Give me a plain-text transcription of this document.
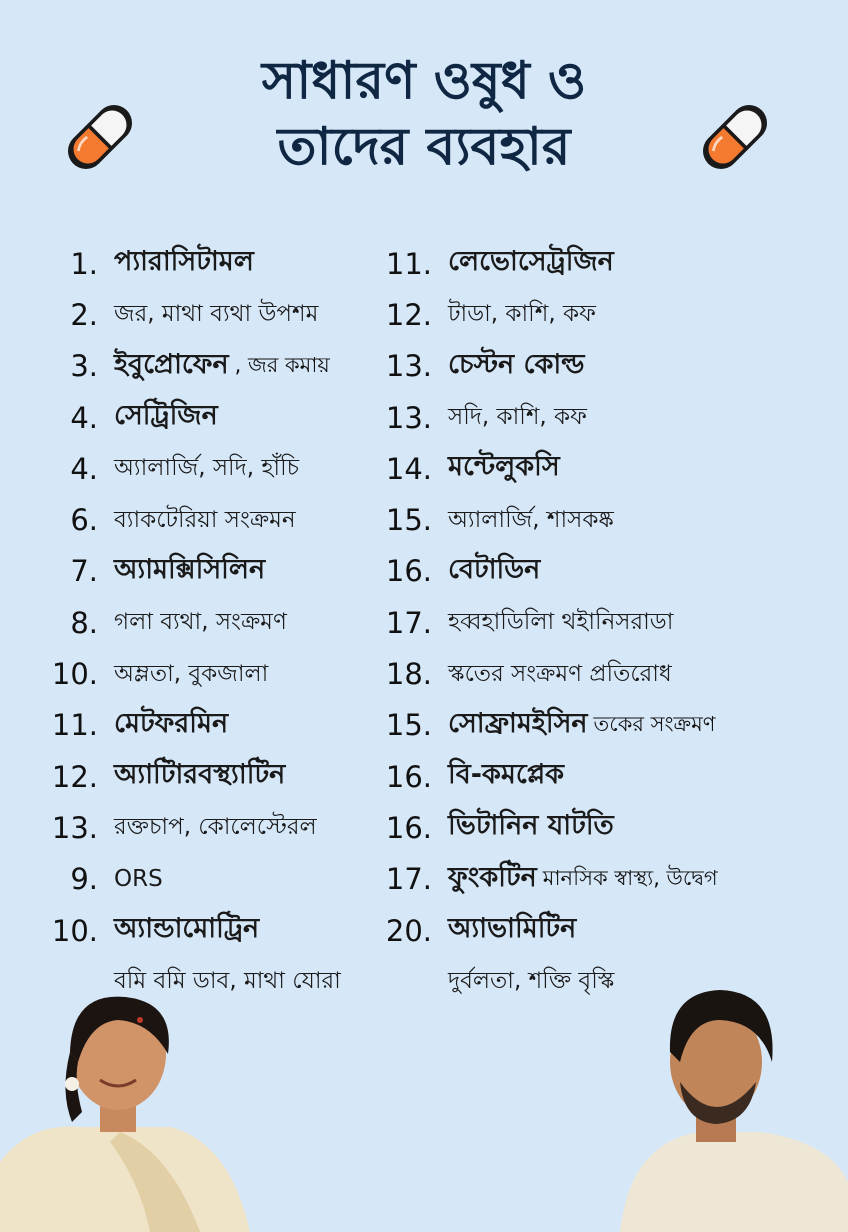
সাধারণ ওষুধ ও
তাদের ব্যবহার
1. প্যারাসিটামল
2. জর, মাথা ব্যথা উপশম
3. ইবুপ্রোফেন , জর কমায়
4. সেট্রিজিন
4. অ্যালার্জি, সদি, হাঁচি
6. ব্যাকটেরিয়া সংক্রমন
7. অ্যামক্সিসিলিন
8. গলা ব্যথা, সংক্রমণ
10. অম্লতা, বুকজালা
11. মেটফরমিন
12. অ্যাটিারবস্থ্যাটিন
13. রক্তচাপ, কোলেস্টেরল
9. ORS
10. অ্যান্ডামোট্রিন
বমি বমি ডাব, মাথা যোরা
11. লেভোসেট্রজিন
12. টাডা, কাশি, কফ
13. চেস্টন কোল্ড
13. সদি, কাশি, কফ
14. মন্টেলুকসি
15. অ্যালার্জি, শাসকষ্ক
16. বেটাডিন
17. হব্বহাডিলিা থইানিসরাডা
18. স্কতের সংক্রমণ প্রতিরোধ
15. সোফ্রামইসিন তকের সংক্রমণ
16. বি-কমপ্লেক
16. ভিটানিন যাটতি
17. ফুংকটিন মানসিক স্বাস্থ্য, উদ্বেগ
20. অ্যাভামিটিন
দুর্বলতা, শক্তি বৃস্কি
